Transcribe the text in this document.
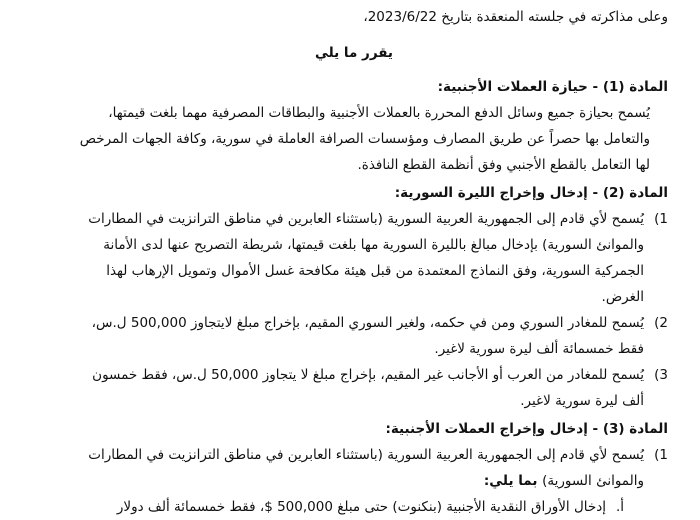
وعلى مذاكرته في جلسته المنعقدة بتاريخ 2023/6/22،
يقرر ما يلي
المادة (1) - حيازة العملات الأجنبية:
يُسمح بحيازة جميع وسائل الدفع المحررة بالعملات الأجنبية والبطاقات المصرفية مهما بلغت قيمتها،
والتعامل بها حصراً عن طريق المصارف ومؤسسات الصرافة العاملة في سورية، وكافة الجهات المرخص
لها التعامل بالقطع الأجنبي وفق أنظمة القطع النافذة.
المادة (2) - إدخال وإخراج الليرة السورية:
1)
يُسمح لأي قادم إلى الجمهورية العربية السورية (باستثناء العابرين في مناطق الترانزيت في المطارات
والموانئ السورية) بإدخال مبالغ بالليرة السورية مها بلغت قيمتها، شريطة التصريح عنها لدى الأمانة
الجمركية السورية، وفق النماذج المعتمدة من قبل هيئة مكافحة غسل الأموال وتمويل الإرهاب لهذا
الغرض.
2)
يُسمح للمغادر السوري ومن في حكمه، ولغير السوري المقيم، بإخراج مبلغ لايتجاوز 500,000 ل.س،
فقط خمسمائة ألف ليرة سورية لاغير.
3)
يُسمح للمغادر من العرب أو الأجانب غير المقيم، بإخراج مبلغ لا يتجاوز 50,000 ل.س، فقط خمسون
ألف ليرة سورية لاغير.
المادة (3) - إدخال وإخراج العملات الأجنبية:
1)
يُسمح لأي قادم إلى الجمهورية العربية السورية (باستثناء العابرين في مناطق الترانزيت في المطارات
والموانئ السورية) بما يلي:
أ.
إدخال الأوراق النقدية الأجنبية (بنكنوت) حتى مبلغ 500,000 $، فقط خمسمائة ألف دولار
